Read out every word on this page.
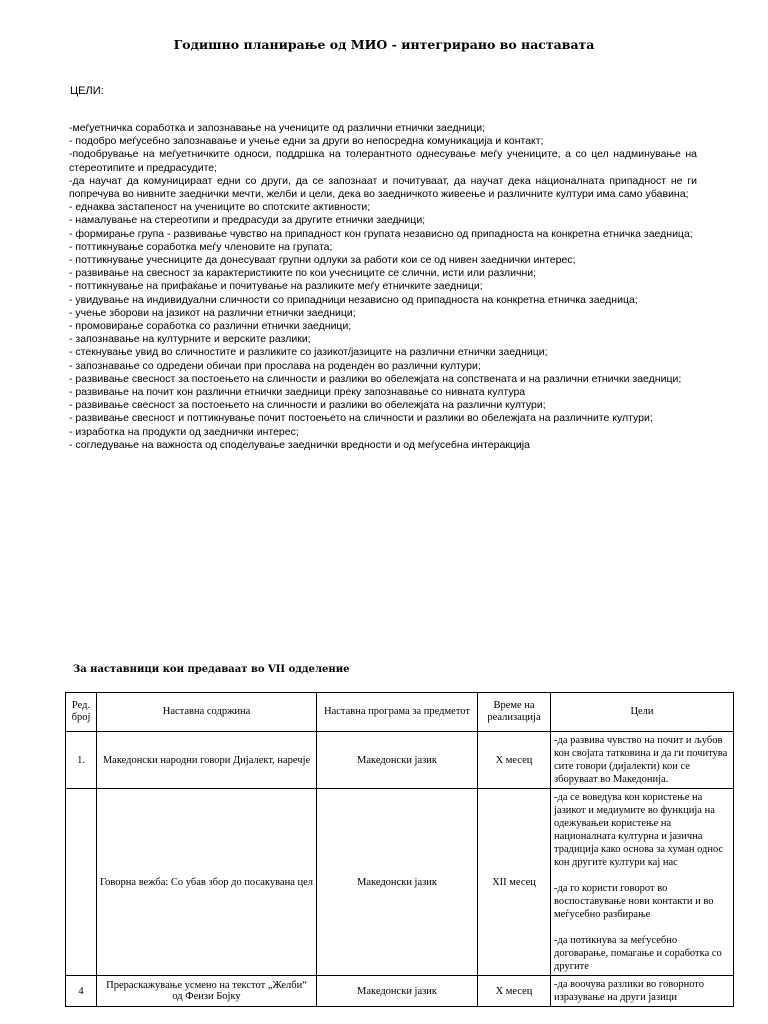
Годишно планирање од МИО - интегрирано во наставата

ЦЕЛИ:

-меѓуетничка соработка и запознавање на учениците од различни етнички заедници;

- подобро меѓусебно запознавање и учење едни за други во непосредна комуникација и контакт;

-подобрување на меѓуетничките односи, поддршка на толерантното однесување меѓу учениците, а со цел надминување на стереотипите и предрасудите;

-да научат да комуницираат едни со други, да се запознаат и почитуваат, да научат дека националната припадност не ги попречува во нивните заеднички мечти, желби и цели, дека во заедничкото живеење и различните култури има само убавина;

- еднаква застапеност на учениците во спотските активности;

- намалување на стереотипи и предрасуди за другите етнички заедници;

- формирање група - развивање чувство на припадност кон групата независно од припадноста на конкретна етничка заедница;

- поттикнување соработка меѓу членовите на групата;

- поттикнување учесниците да донесуваат групни одлуки за работи кои се од нивен заеднички интерес;

- развивање на свесност за карактеристиките по кои учесниците се слични, исти или различни;

- поттикнување на прифаќање и почитување на разликите меѓу етничките заедници;

- увидување на индивидуални сличности со припадници независно од припадноста на конкретна етничка заедница;

- учење зборови на јазикот на различни етнички заедници;

- промовирање соработка со различни етнички заедници;

- запознавање на културните и верските разлики;

- стекнување увид во сличностите и разликите со јазикот/јазиците на различни етнички заедници;

- запознавање со одредени обичаи при прослава на роденден во различни култури;

- развивање свесност за постоењето на сличности и разлики во обележјата на сопствената и на различни етнички заедници;

- развивање на почит кон различни етнички заедници преку запознавање со нивната култура

- развивање свесност за постоењето на сличности и разлики во обележјата на различни култури;

- развивање свесност и поттикнување почит постоењето на сличности и разлики во обележјата на различните култури;

- изработка на продукти од заеднички интерес;

- согледување на важноста од споделување заеднички вредности и од меѓусебна интеракција

За наставници кои предаваат во VII одделение

Ред. број	Наставна содржина	Наставна програма за предметот	Време на реализација	Цели
1.	Македонски народни говори Дијалект, наречје	Македонски јазик	X месец	-да развива чувство на почит и љубов кон својата татковина и да ги почитува сите говори (дијалекти) кои се зборуваат во Македонија.

	Говорна вежба: Со убав збор до посакувана цел	Македонски јазик	XII месец	-да се воведува кон користење на јазикот и медиумите во функција на одежувањеи користење на националната културна и јазична традиција како основа за хуман однос кон другите култури кај нас

-да го користи говорот во воспоставување нови контакти и во меѓусебно разбирање

-да потикнува за меѓусебно договарање, помагање и соработка со другите

4	Прераскажување усмено на текстот „Желби“ од Феизи Бојку	Македонски јазик	X месец	-да воочува разлики во говорното изразување на други јазици
